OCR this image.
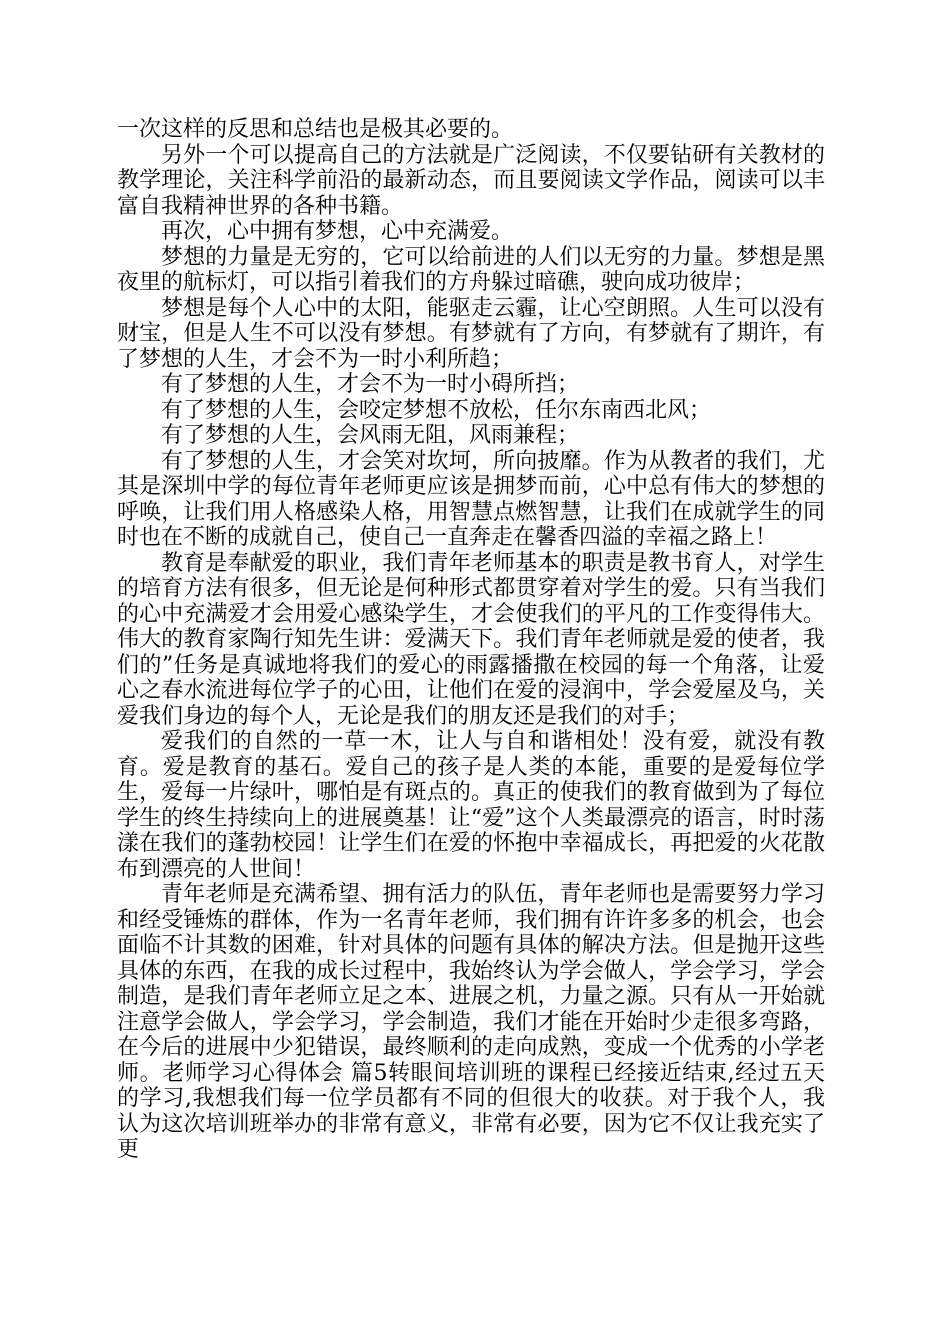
一次这样的反思和总结也是极其必要的。

另外一个可以提高自己的方法就是广泛阅读，不仅要钻研有关教材的教学理论，关注科学前沿的最新动态，而且要阅读文学作品，阅读可以丰富自我精神世界的各种书籍。

再次，心中拥有梦想，心中充满爱。

梦想的力量是无穷的，它可以给前进的人们以无穷的力量。梦想是黑夜里的航标灯，可以指引着我们的方舟躲过暗礁，驶向成功彼岸；

梦想是每个人心中的太阳，能驱走云霾，让心空朗照。人生可以没有财宝，但是人生不可以没有梦想。有梦就有了方向，有梦就有了期许，有了梦想的人生，才会不为一时小利所趋；

有了梦想的人生，才会不为一时小碍所挡；

有了梦想的人生，会咬定梦想不放松，任尔东南西北风；

有了梦想的人生，会风雨无阻，风雨兼程；

有了梦想的人生，才会笑对坎坷，所向披靡。作为从教者的我们，尤其是深圳中学的每位青年老师更应该是拥梦而前，心中总有伟大的梦想的呼唤，让我们用人格感染人格，用智慧点燃智慧，让我们在成就学生的同时也在不断的成就自己，使自己一直奔走在馨香四溢的幸福之路上！

教育是奉献爱的职业，我们青年老师基本的职责是教书育人，对学生的培育方法有很多，但无论是何种形式都贯穿着对学生的爱。只有当我们的心中充满爱才会用爱心感染学生，才会使我们的平凡的工作变得伟大。伟大的教育家陶行知先生讲：爱满天下。我们青年老师就是爱的使者，我们的”任务是真诚地将我们的爱心的雨露播撒在校园的每一个角落，让爱心之春水流进每位学子的心田，让他们在爱的浸润中，学会爱屋及乌，关爱我们身边的每个人，无论是我们的朋友还是我们的对手；

爱我们的自然的一草一木，让人与自和谐相处！没有爱，就没有教育。爱是教育的基石。爱自己的孩子是人类的本能，重要的是爱每位学生，爱每一片绿叶，哪怕是有斑点的。真正的使我们的教育做到为了每位学生的终生持续向上的进展奠基！让“爱”这个人类最漂亮的语言，时时荡漾在我们的蓬勃校园！让学生们在爱的怀抱中幸福成长，再把爱的火花散布到漂亮的人世间！

青年老师是充满希望、拥有活力的队伍，青年老师也是需要努力学习和经受锤炼的群体，作为一名青年老师，我们拥有许许多多的机会，也会面临不计其数的困难，针对具体的问题有具体的解决方法。但是抛开这些具体的东西，在我的成长过程中，我始终认为学会做人，学会学习，学会制造，是我们青年老师立足之本、进展之机，力量之源。只有从一开始就注意学会做人，学会学习，学会制造，我们才能在开始时少走很多弯路，在今后的进展中少犯错误，最终顺利的走向成熟，变成一个优秀的小学老师。老师学习心得体会 篇5转眼间培训班的课程已经接近结束,经过五天的学习,我想我们每一位学员都有不同的但很大的收获。对于我个人，我认为这次培训班举办的非常有意义，非常有必要，因为它不仅让我充实了更
